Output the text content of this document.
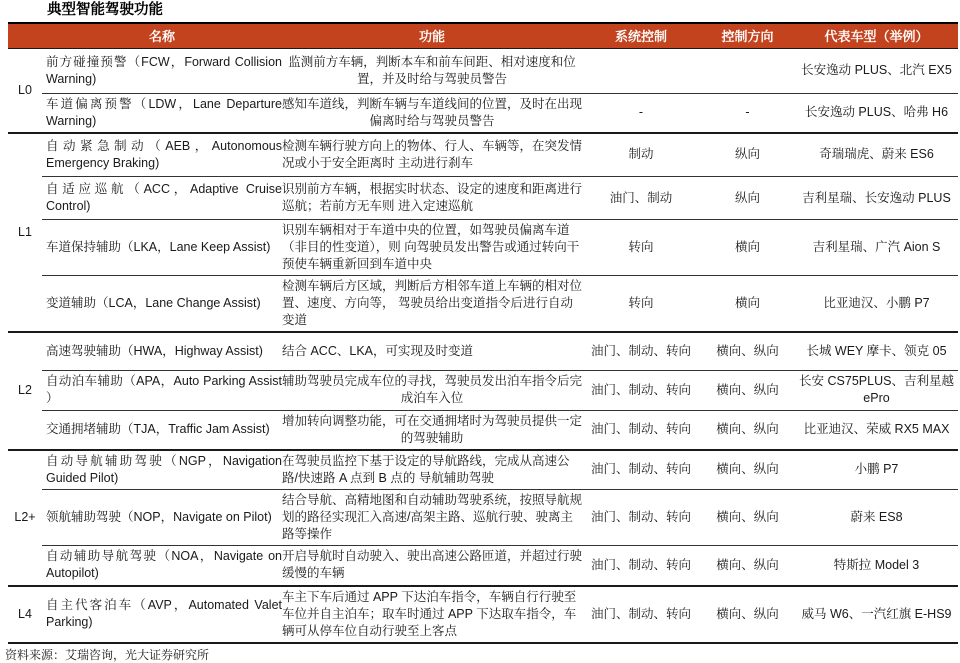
典型智能驾驶功能
	名称	功能	系统控制	控制方向	代表车型（举例）
L0	前方碰撞预警（FCW，Forward Collision Warning)	监测前方车辆，判断本车和前车间距、相对速度和位置，并及时给与驾驶员警告			长安逸动 PLUS、北汽 EX5
	车道偏离预警（LDW，Lane Departure Warning)	感知车道线，判断车辆与车道线间的位置，及时在出现偏离时给与驾驶员警告	-	-	长安逸动 PLUS、哈弗 H6
L1	自动紧急制动（AEB，Autonomous Emergency Braking)	检测车辆行驶方向上的物体、行人、车辆等，在突发情况或小于安全距离时 主动进行刹车	制动	纵向	奇瑞瑞虎、蔚来 ES6
	自适应巡航（ACC，Adaptive Cruise Control)	识别前方车辆，根据实时状态、设定的速度和距离进行巡航；若前方无车则 进入定速巡航	油门、制动	纵向	吉利星瑞、长安逸动 PLUS
	车道保持辅助（LKA，Lane Keep Assist)	识别车辆相对于车道中央的位置，如驾驶员偏离车道（非目的性变道），则 向驾驶员发出警告或通过转向干预使车辆重新回到车道中央	转向	横向	吉利星瑞、广汽 Aion S
	变道辅助（LCA，Lane Change Assist)	检测车辆后方区域，判断后方相邻车道上车辆的相对位置、速度、方向等， 驾驶员给出变道指令后进行自动变道	转向	横向	比亚迪汉、小鹏 P7
L2	高速驾驶辅助（HWA，Highway Assist)	结合 ACC、LKA，可实现及时变道	油门、制动、转向	横向、纵向	长城 WEY 摩卡、领克 05
	自动泊车辅助（APA，Auto Parking Assist ）	辅助驾驶员完成车位的寻找，驾驶员发出泊车指令后完成泊车入位	油门、制动、转向	横向、纵向	长安 CS75PLUS、吉利星越 ePro
	交通拥堵辅助（TJA，Traffic Jam Assist)	增加转向调整功能，可在交通拥堵时为驾驶员提供一定的驾驶辅助	油门、制动、转向	横向、纵向	比亚迪汉、荣威 RX5 MAX
L2+	自动导航辅助驾驶（NGP，Navigation Guided Pilot)	在驾驶员监控下基于设定的导航路线，完成从高速公路/快速路 A 点到 B 点的 导航辅助驾驶	油门、制动、转向	横向、纵向	小鹏 P7
	领航辅助驾驶（NOP，Navigate on Pilot)	结合导航、高精地图和自动辅助驾驶系统，按照导航规划的路径实现汇入高速/高架主路、巡航行驶、驶离主路等操作	油门、制动、转向	横向、纵向	蔚来 ES8
	自动辅助导航驾驶（NOA，Navigate on Autopilot)	开启导航时自动驶入、驶出高速公路匝道，并超过行驶缓慢的车辆	油门、制动、转向	横向、纵向	特斯拉 Model 3
L4	自主代客泊车（AVP，Automated Valet Parking)	车主下车后通过 APP 下达泊车指令，车辆自行行驶至车位并自主泊车；取车时通过 APP 下达取车指令，车辆可从停车位自动行驶至上客点	油门、制动、转向	横向、纵向	威马 W6、一汽红旗 E-HS9
资料来源：艾瑞咨询，光大证券研究所
